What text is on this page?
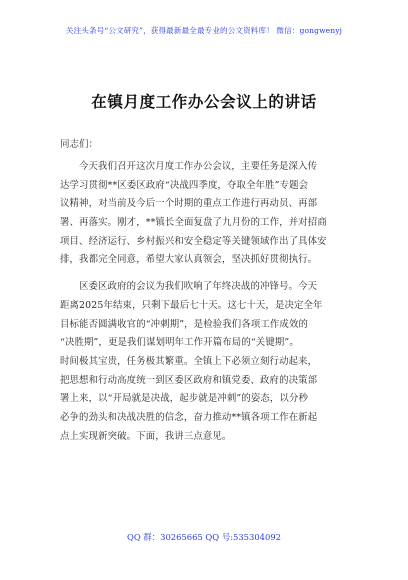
关注头条号“公文研究”，获得最新最全最专业的公文资料库！ 微信：gongwenyj
在镇月度工作办公会议上的讲话
同志们：
今天我们召开这次月度工作办公会议，主要任务是深入传
达学习贯彻**区委区政府“决战四季度，夺取全年胜”专题会
议精神，对当前及今后一个时期的重点工作进行再动员、再部
署、再落实。刚才，**镇长全面复盘了九月份的工作，并对招商
项目、经济运行、乡村振兴和安全稳定等关键领域作出了具体安
排，我都完全同意，希望大家认真领会，坚决抓好贯彻执行。
区委区政府的会议为我们吹响了年终决战的冲锋号。今天
距离2025年结束，只剩下最后七十天。这七十天，是决定全年
目标能否圆满收官的“冲刺期”，是检验我们各项工作成效的
“决胜期”，更是我们谋划明年工作开篇布局的“关键期”。
时间极其宝贵，任务极其繁重。全镇上下必须立刻行动起来，
把思想和行动高度统一到区委区政府和镇党委、政府的决策部
署上来，以“开局就是决战，起步就是冲刺”的姿态，以分秒
必争的劲头和决战决胜的信念，奋力推动**镇各项工作在新起
点上实现新突破。下面，我讲三点意见。
QQ 群：30265665 QQ 号:535304092
